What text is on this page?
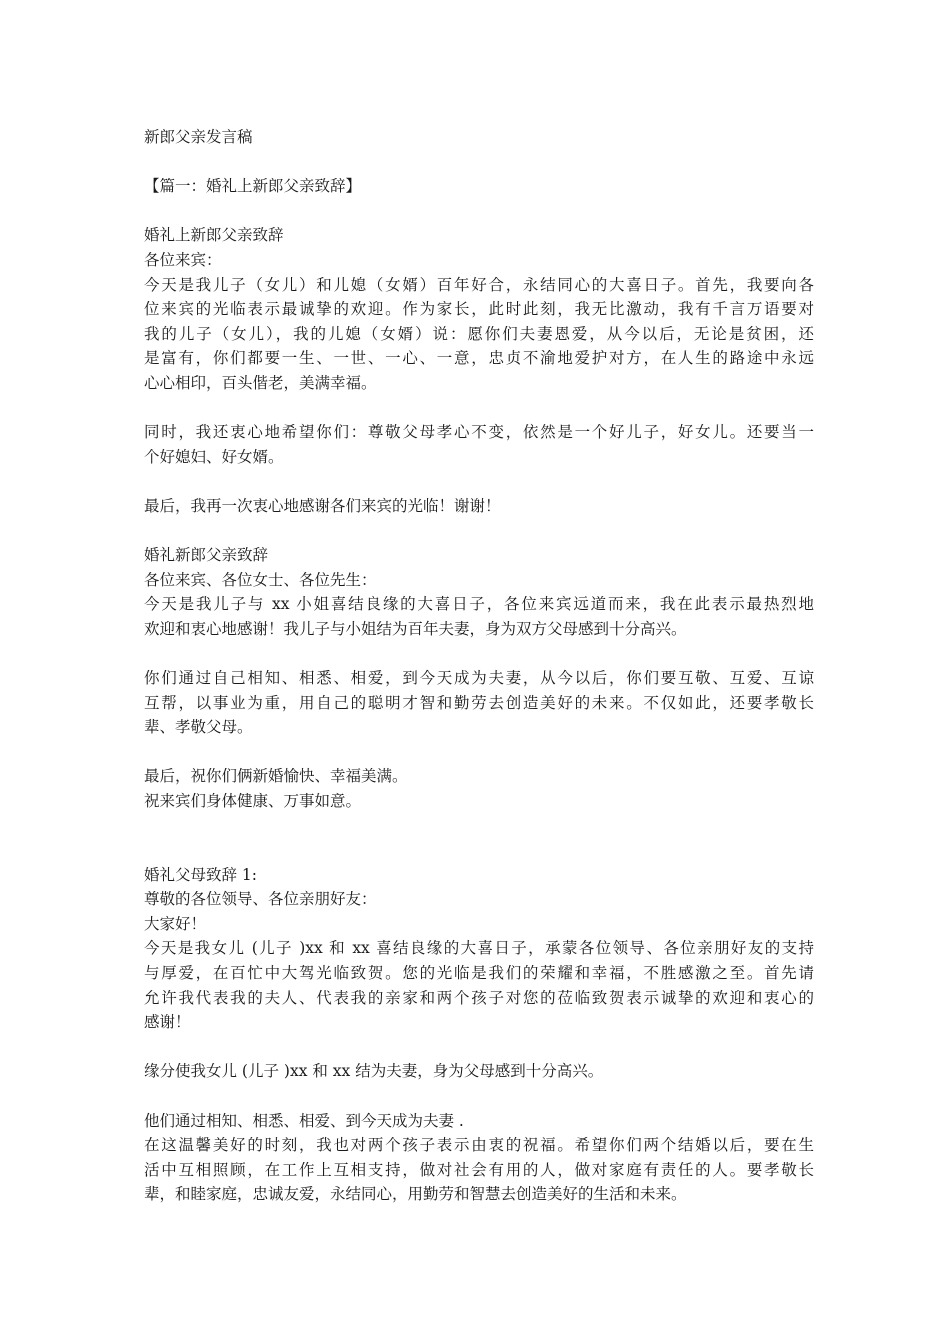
新郎父亲发言稿
【篇一：婚礼上新郎父亲致辞】
婚礼上新郎父亲致辞
各位来宾：
今天是我儿子（女儿）和儿媳（女婿）百年好合，永结同心的大喜日子。首先，我要向各
位来宾的光临表示最诚挚的欢迎。作为家长，此时此刻，我无比激动，我有千言万语要对
我的儿子（女儿），我的儿媳（女婿）说：愿你们夫妻恩爱，从今以后，无论是贫困，还
是富有，你们都要一生、一世、一心、一意，忠贞不渝地爱护对方，在人生的路途中永远
心心相印，百头偕老，美满幸福。
同时，我还衷心地希望你们：尊敬父母孝心不变，依然是一个好儿子，好女儿。还要当一
个好媳妇、好女婿。
最后，我再一次衷心地感谢各们来宾的光临！谢谢！
婚礼新郎父亲致辞
各位来宾、各位女士、各位先生：
今天是我儿子与 xx 小姐喜结良缘的大喜日子，各位来宾远道而来，我在此表示最热烈地
欢迎和衷心地感谢！我儿子与小姐结为百年夫妻，身为双方父母感到十分高兴。
你们通过自己相知、相悉、相爱，到今天成为夫妻，从今以后，你们要互敬、互爱、互谅
互帮，以事业为重，用自己的聪明才智和勤劳去创造美好的未来。不仅如此，还要孝敬长
辈、孝敬父母。
最后，祝你们俩新婚愉快、幸福美满。
祝来宾们身体健康、万事如意。
婚礼父母致辞 1:
尊敬的各位领导、各位亲朋好友：
大家好！
今天是我女儿 (儿子 )xx 和 xx 喜结良缘的大喜日子，承蒙各位领导、各位亲朋好友的支持
与厚爱，在百忙中大驾光临致贺。您的光临是我们的荣耀和幸福，不胜感激之至。首先请
允许我代表我的夫人、代表我的亲家和两个孩子对您的莅临致贺表示诚挚的欢迎和衷心的
感谢！
缘分使我女儿 (儿子 )xx 和 xx 结为夫妻，身为父母感到十分高兴。
他们通过相知、相悉、相爱、到今天成为夫妻 .
在这温馨美好的时刻，我也对两个孩子表示由衷的祝福。希望你们两个结婚以后，要在生
活中互相照顾，在工作上互相支持，做对社会有用的人，做对家庭有责任的人。要孝敬长
辈，和睦家庭，忠诚友爱，永结同心，用勤劳和智慧去创造美好的生活和未来。
